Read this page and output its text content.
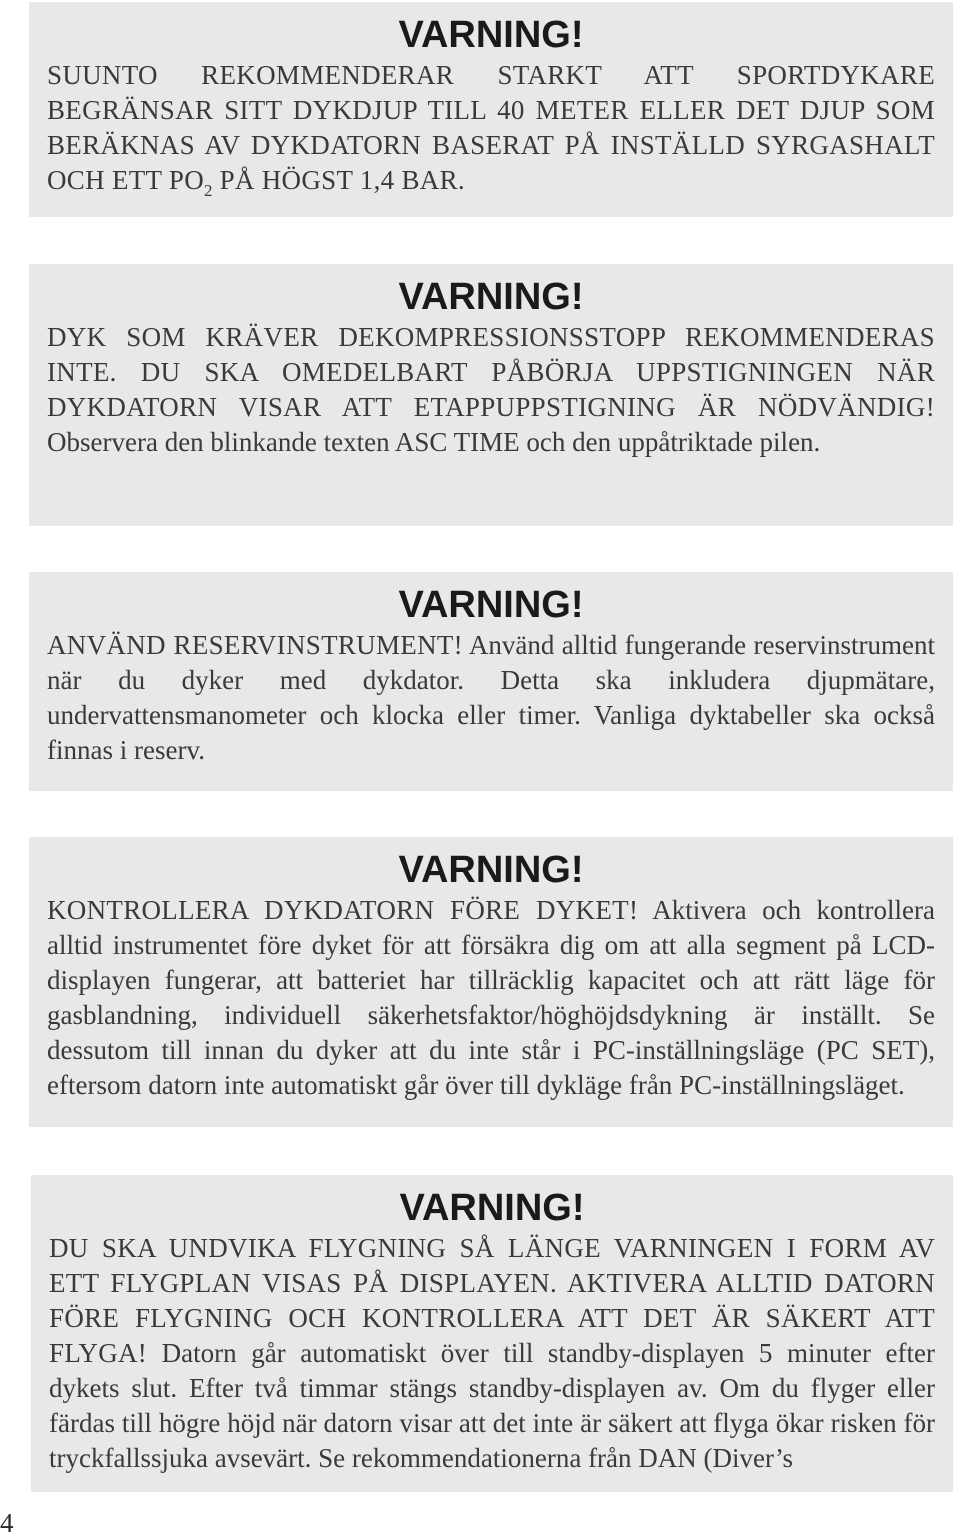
VARNING!

SUUNTO REKOMMENDERAR STARKT ATT SPORTDYKARE BEGRÄNSAR SITT DYKDJUP TILL 40 METER ELLER DET DJUP SOM BERÄKNAS AV DYKDATORN BASERAT PÅ INSTÄLLD SYRGASHALT OCH ETT $PO_2$ PÅ HÖGST 1,4 BAR.

VARNING!

DYK SOM KRÄVER DEKOMPRESSIONSSTOPP REKOMMENDERAS INTE. DU SKA OMEDELBART PÅBÖRJA UPPSTIGNINGEN NÄR DYKDATORN VISAR ATT ETAPPUPPSTIGNING ÄR NÖDVÄNDIG! Observera den blinkande texten ASC TIME och den uppåtriktade pilen.

VARNING!

ANVÄND RESERVINSTRUMENT! Använd alltid fungerande reservinstrument när du dyker med dykdator. Detta ska inkludera djupmätare, undervattensmanometer och klocka eller timer. Vanliga dyktabeller ska också finnas i reserv.

VARNING!

KONTROLLERA DYKDATORN FÖRE DYKET! Aktivera och kontrollera alltid instrumentet före dyket för att försäkra dig om att alla segment på LCD-displayen fungerar, att batteriet har tillräcklig kapacitet och att rätt läge för gasblandning, individuell säkerhetsfaktor/höghöjdsdykning är inställt. Se dessutom till innan du dyker att du inte står i PC-inställningsläge (PC SET), eftersom datorn inte automatiskt går över till dykläge från PC-inställningsläget.

VARNING!

DU SKA UNDVIKA FLYGNING SÅ LÄNGE VARNINGEN I FORM AV ETT FLYGPLAN VISAS PÅ DISPLAYEN. AKTIVERA ALLTID DATORN FÖRE FLYGNING OCH KONTROLLERA ATT DET ÄR SÄKERT ATT FLYGA! Datorn går automatiskt över till standby-displayen 5 minuter efter dykets slut. Efter två timmar stängs standby-displayen av. Om du flyger eller färdas till högre höjd när datorn visar att det inte är säkert att flyga ökar risken för tryckfallssjuka avsevärt. Se rekommendationerna från DAN (Diver’s

4
